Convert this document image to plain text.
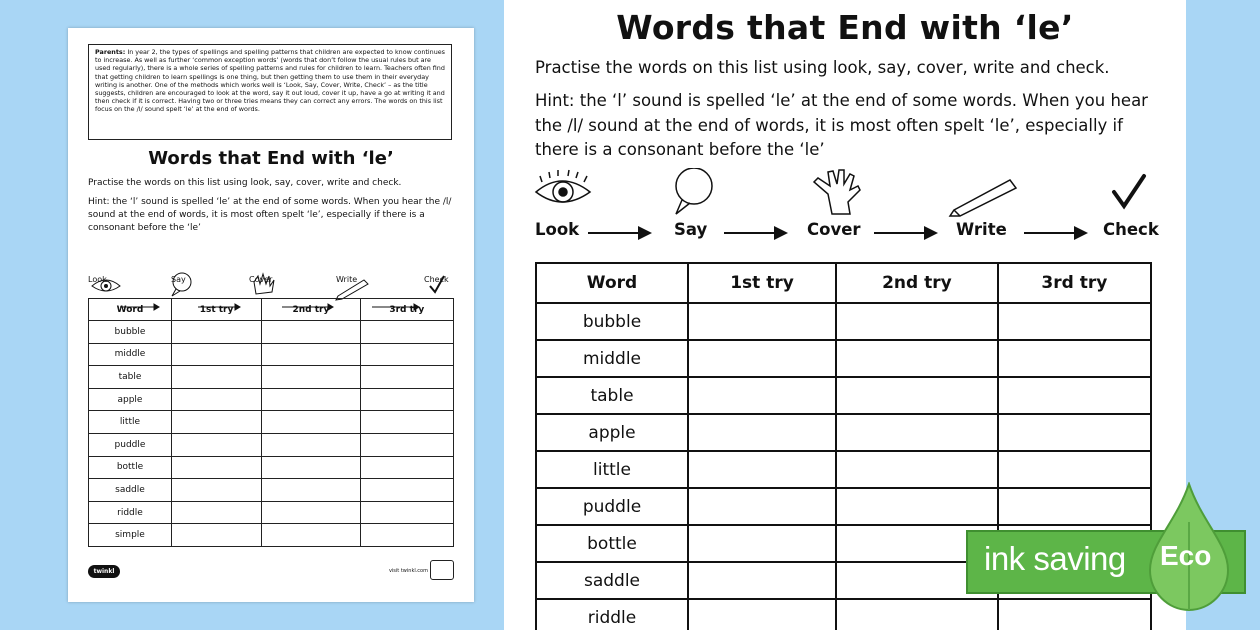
Parents: In year 2, the types of spellings and spelling patterns that children are expected to know continues to increase. As well as further ‘common exception words’ (words that don’t follow the usual rules but are used regularly), there is a whole series of spelling patterns and rules for children to learn. Teachers often find that getting children to learn spellings is one thing, but then getting them to use them in their everyday writing is another. One of the methods which works well is ‘Look, Say, Cover, Write, Check’ – as the title suggests, children are encouraged to look at the word, say it out loud, cover it up, have a go at writing it and then check if it is correct. Having two or three tries means they can correct any errors. The words on this list focus on the /l/ sound spelt ‘le’ at the end of words.
Words that End with ‘le’
Practise the words on this list using look, say, cover, write and check.
Hint: the ‘l’ sound is spelled ‘le’ at the end of some words. When you hear the /l/ sound at the end of words, it is most often spelt ‘le’, especially if there is a consonant before the ‘le’
Look	Say	Cover	Write	Check
Word	1st try	2nd try	3rd try
bubble			
middle			
table			
apple			
little			
puddle			
bottle			
saddle			
riddle			
simple			
twinkl	visit twinkl.com
Words that End with ‘le’
Practise the words on this list using look, say, cover, write and check.
Hint: the ‘l’ sound is spelled ‘le’ at the end of some words. When you hear the /l/ sound at the end of words, it is most often spelt ‘le’, especially if there is a consonant before the ‘le’
Look	Say	Cover	Write	Check
Word	1st try	2nd try	3rd try
bubble			
middle			
table			
apple			
little			
puddle			
bottle			
saddle			
riddle			
ink saving Eco
